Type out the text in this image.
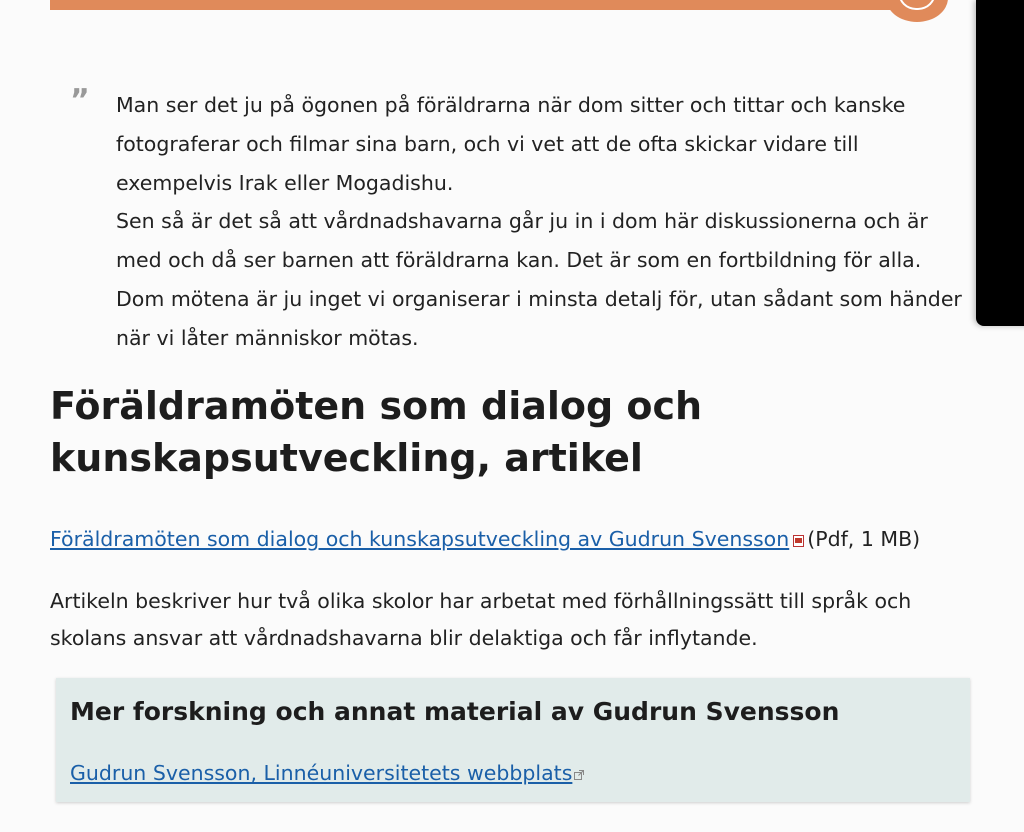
” Man ser det ju på ögonen på föräldrarna när dom sitter och tittar och kanske fotograferar och filmar sina barn, och vi vet att de ofta skickar vidare till exempelvis Irak eller Mogadishu.

Sen så är det så att vårdnadshavarna går ju in i dom här diskussionerna och är med och då ser barnen att föräldrarna kan. Det är som en fortbildning för alla. Dom mötena är ju inget vi organiserar i minsta detalj för, utan sådant som händer när vi låter människor mötas.

Föräldramöten som dialog och kunskapsutveckling, artikel
Föräldramöten som dialog och kunskapsutveckling av Gudrun Svensson (Pdf, 1 MB)

Artikeln beskriver hur två olika skolor har arbetat med förhållningssätt till språk och skolans ansvar att vårdnadshavarna blir delaktiga och får inflytande.

Mer forskning och annat material av Gudrun Svensson
Gudrun Svensson, Linnéuniversitetets webbplats
